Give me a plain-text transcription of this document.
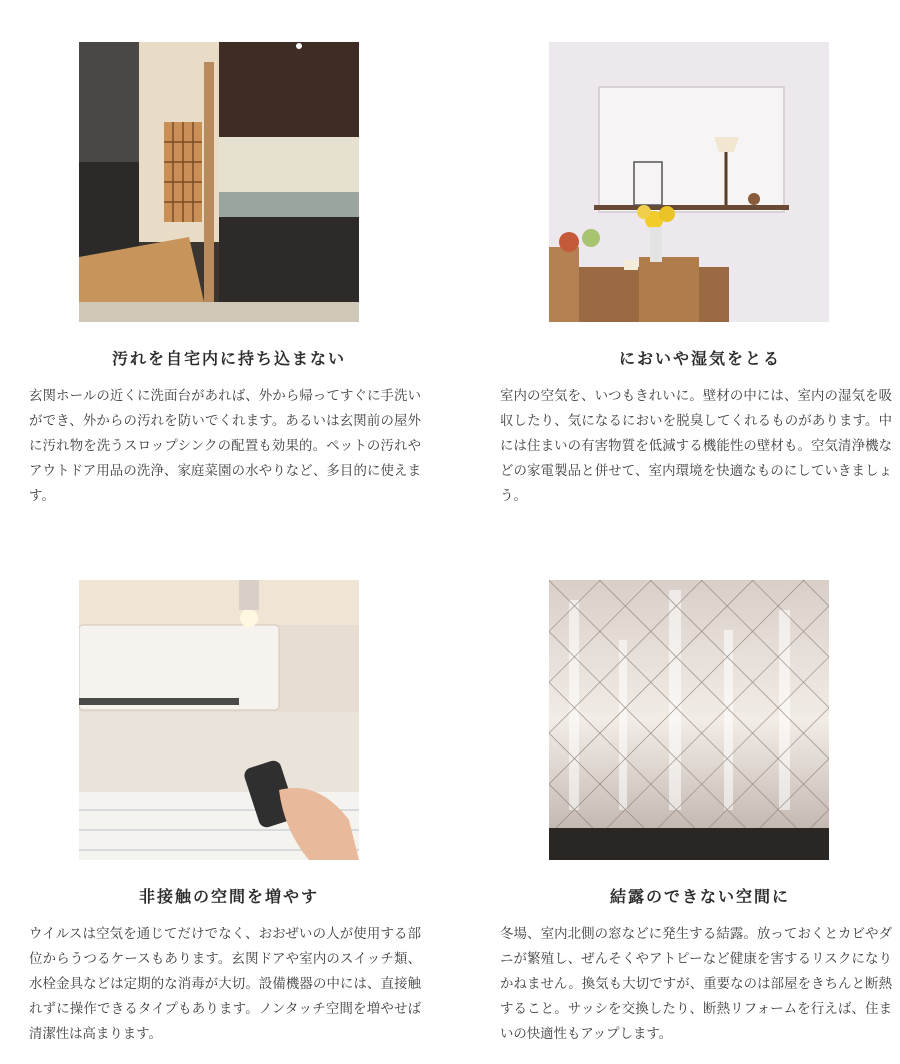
汚れを自宅内に持ち込まない

玄関ホールの近くに洗面台があれば、外から帰ってすぐに手洗いができ、外からの汚れを防いでくれます。あるいは玄関前の屋外に汚れ物を洗うスロップシンクの配置も効果的。ペットの汚れやアウトドア用品の洗浄、家庭菜園の水やりなど、多目的に使えます。

においや湿気をとる

室内の空気を、いつもきれいに。壁材の中には、室内の湿気を吸収したり、気になるにおいを脱臭してくれるものがあります。中には住まいの有害物質を低減する機能性の壁材も。空気清浄機などの家電製品と併せて、室内環境を快適なものにしていきましょう。

非接触の空間を増やす

ウイルスは空気を通じてだけでなく、おおぜいの人が使用する部位からうつるケースもあります。玄関ドアや室内のスイッチ類、水栓金具などは定期的な消毒が大切。設備機器の中には、直接触れずに操作できるタイプもあります。ノンタッチ空間を増やせば清潔性は高まります。

結露のできない空間に

冬場、室内北側の窓などに発生する結露。放っておくとカビやダニが繁殖し、ぜんそくやアトピーなど健康を害するリスクになりかねません。換気も大切ですが、重要なのは部屋をきちんと断熱すること。サッシを交換したり、断熱リフォームを行えば、住まいの快適性もアップします。
